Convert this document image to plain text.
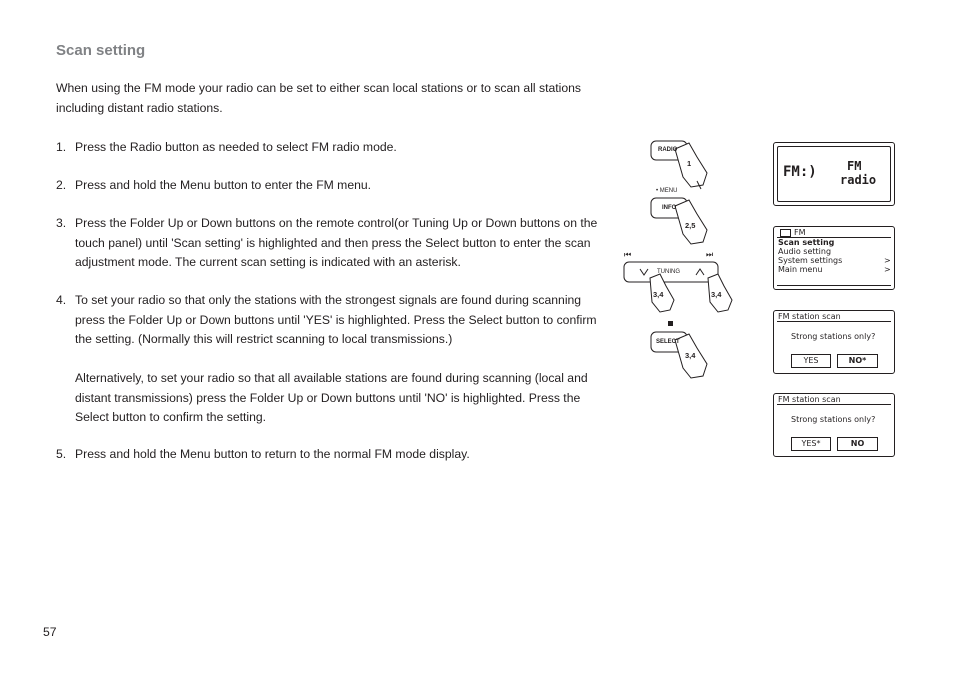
Scan setting
When using the FM mode your radio can be set to either scan local stations or to scan all stations including distant radio stations.
1. Press the Radio button as needed to select FM radio mode.
2. Press and hold the Menu button to enter the FM menu.
3. Press the Folder Up or Down buttons on the remote control(or Tuning Up or Down buttons on the touch panel) until 'Scan setting' is highlighted and then press the Select button to enter the scan adjustment mode. The current scan setting is indicated with an asterisk.
4. To set your radio so that only the stations with the strongest signals are found during scanning press the Folder Up or Down buttons until 'YES' is highlighted. Press the Select button to confirm the setting. (Normally this will restrict scanning to local transmissions.)
Alternatively, to set your radio so that all available stations are found during scanning (local and distant transmissions) press the Folder Up or Down buttons until 'NO' is highlighted. Press the Select button to confirm the setting.
5. Press and hold the Menu button to return to the normal FM mode display.
57
RADIO
1
• MENU
INFO
2,5
⏮	⏭
TUNING
3,4	3,4
SELECT
3,4
FM:)	FM
radio
FM
Scan setting
Audio setting
System settings	>
Main menu	>
FM station scan
Strong stations only?
YES	NO*
FM station scan
Strong stations only?
YES*	NO
